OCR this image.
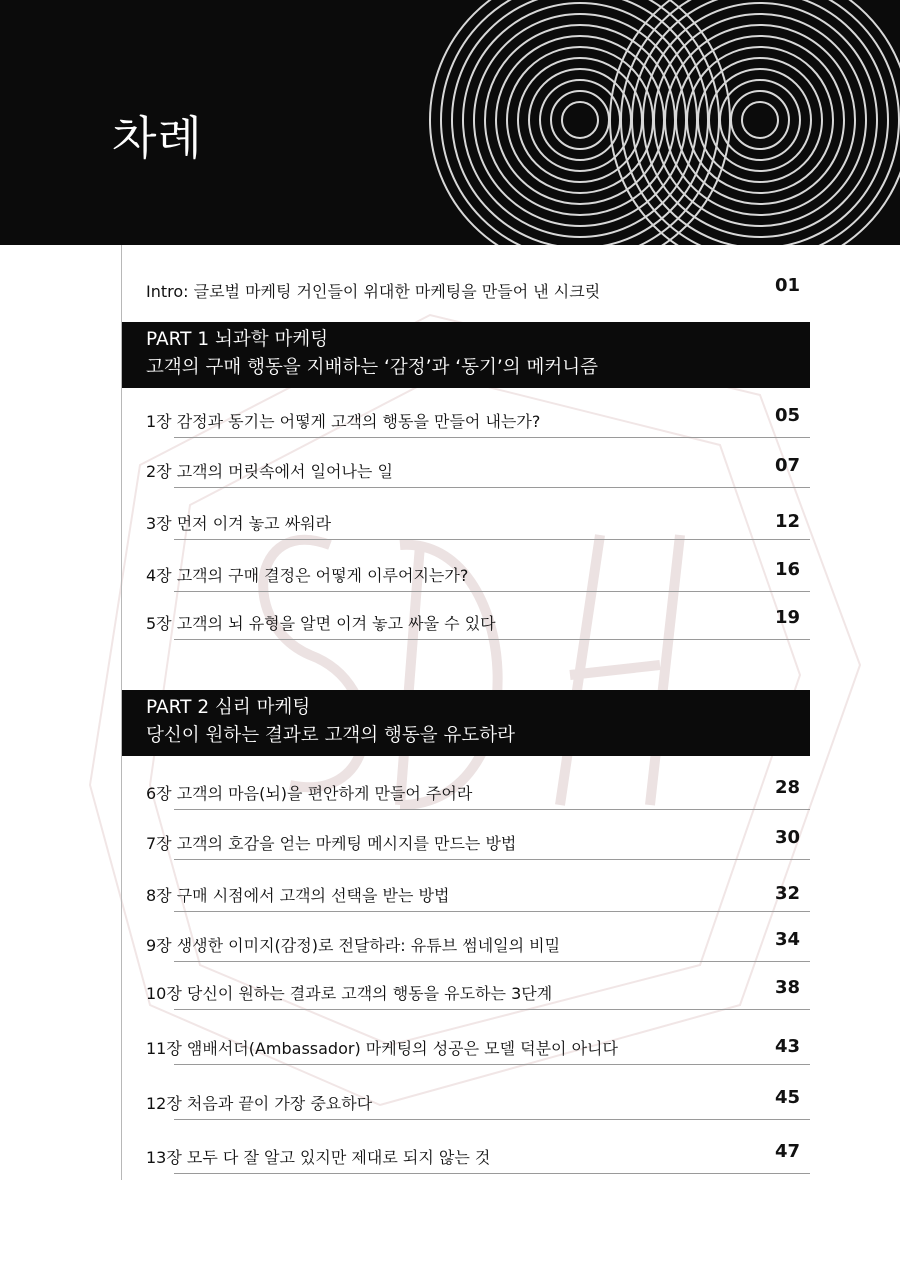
차례
Intro: 글로벌 마케팅 거인들이 위대한 마케팅을 만들어 낸 시크릿	01
PART 1 뇌과학 마케팅
고객의 구매 행동을 지배하는 ‘감정’과 ‘동기’의 메커니즘
1장 감정과 동기는 어떻게 고객의 행동을 만들어 내는가?	05
2장 고객의 머릿속에서 일어나는 일	07
3장 먼저 이겨 놓고 싸워라	12
4장 고객의 구매 결정은 어떻게 이루어지는가?	16
5장 고객의 뇌 유형을 알면 이겨 놓고 싸울 수 있다	19
PART 2 심리 마케팅
당신이 원하는 결과로 고객의 행동을 유도하라
6장 고객의 마음(뇌)을 편안하게 만들어 주어라	28
7장 고객의 호감을 얻는 마케팅 메시지를 만드는 방법	30
8장 구매 시점에서 고객의 선택을 받는 방법	32
9장 생생한 이미지(감정)로 전달하라: 유튜브 썸네일의 비밀	34
10장 당신이 원하는 결과로 고객의 행동을 유도하는 3단계	38
11장 앰배서더(Ambassador) 마케팅의 성공은 모델 덕분이 아니다	43
12장 처음과 끝이 가장 중요하다	45
13장 모두 다 잘 알고 있지만 제대로 되지 않는 것	47
